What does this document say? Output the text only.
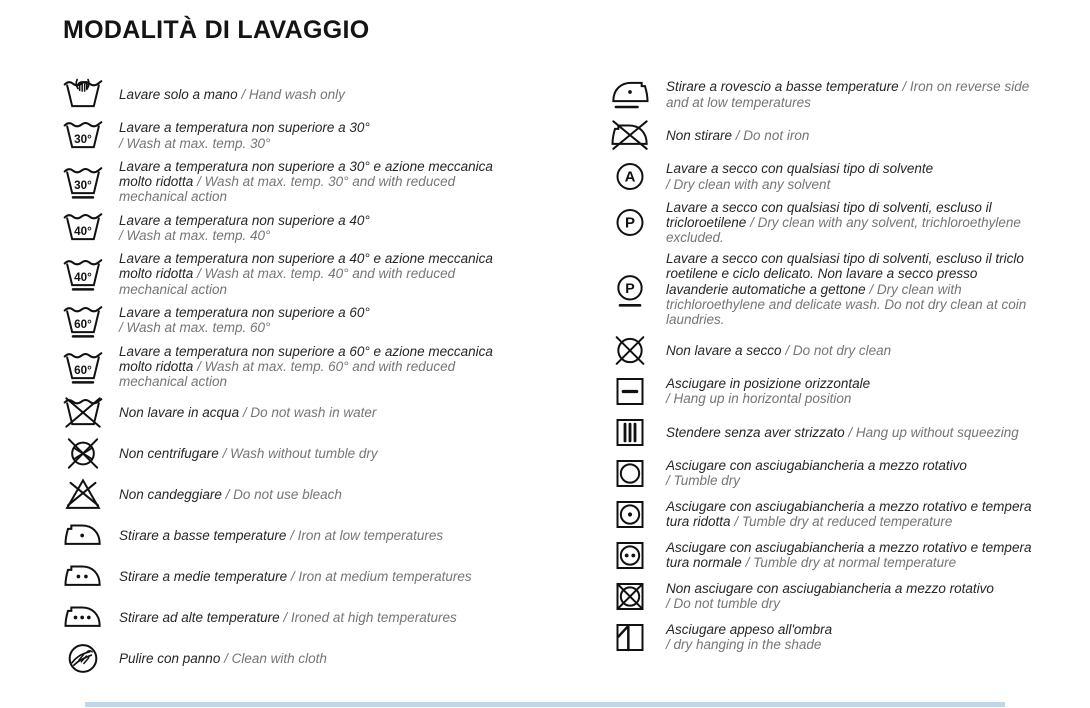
MODALITÀ DI LAVAGGIO

Lavare solo a mano / Hand wash only

30°

Lavare a temperatura non superiore a 30°
/ Wash at max. temp. 30°

30°

Lavare a temperatura non superiore a 30° e azione meccanica molto ridotta / Wash at max. temp. 30° and with reduced mechanical action

40°

Lavare a temperatura non superiore a 40°
/ Wash at max. temp. 40°

40°

Lavare a temperatura non superiore a 40° e azione meccanica molto ridotta / Wash at max. temp. 40° and with reduced mechanical action

60°

Lavare a temperatura non superiore a 60°
/ Wash at max. temp. 60°

60°

Lavare a temperatura non superiore a 60° e azione meccanica molto ridotta / Wash at max. temp. 60° and with reduced mechanical action

Non lavare in acqua / Do not wash in water

Non centrifugare / Wash without tumble dry

Non candeggiare / Do not use bleach

Stirare a basse temperature / Iron at low temperatures

Stirare a medie temperature / Iron at medium temperatures

Stirare ad alte temperature / Ironed at high temperatures

Pulire con panno / Clean with cloth

Stirare a rovescio a basse temperature / Iron on reverse side and at low temperatures

Non stirare / Do not iron

A Lavare a secco con qualsiasi tipo di solvente
/ Dry clean with any solvent

P

Lavare a secco con qualsiasi tipo di solventi, escluso il tricloroetilene / Dry clean with any solvent, trichloroethylene excluded.

P

Lavare a secco con qualsiasi tipo di solventi, escluso il triclo roetilene e ciclo delicato. Non lavare a secco presso lavanderie automatiche a gettone / Dry clean with trichloroethylene and delicate wash. Do not dry clean at coin laundries.

Non lavare a secco / Do not dry clean

Asciugare in posizione orizzontale
/ Hang up in horizontal position

Stendere senza aver strizzato / Hang up without squeezing

Asciugare con asciugabiancheria a mezzo rotativo
/ Tumble dry

Asciugare con asciugabiancheria a mezzo rotativo e tempera tura ridotta / Tumble dry at reduced temperature

Asciugare con asciugabiancheria a mezzo rotativo e tempera tura normale / Tumble dry at normal temperature

Non asciugare con asciugabiancheria a mezzo rotativo
/ Do not tumble dry

Asciugare appeso all'ombra
/ dry hanging in the shade
